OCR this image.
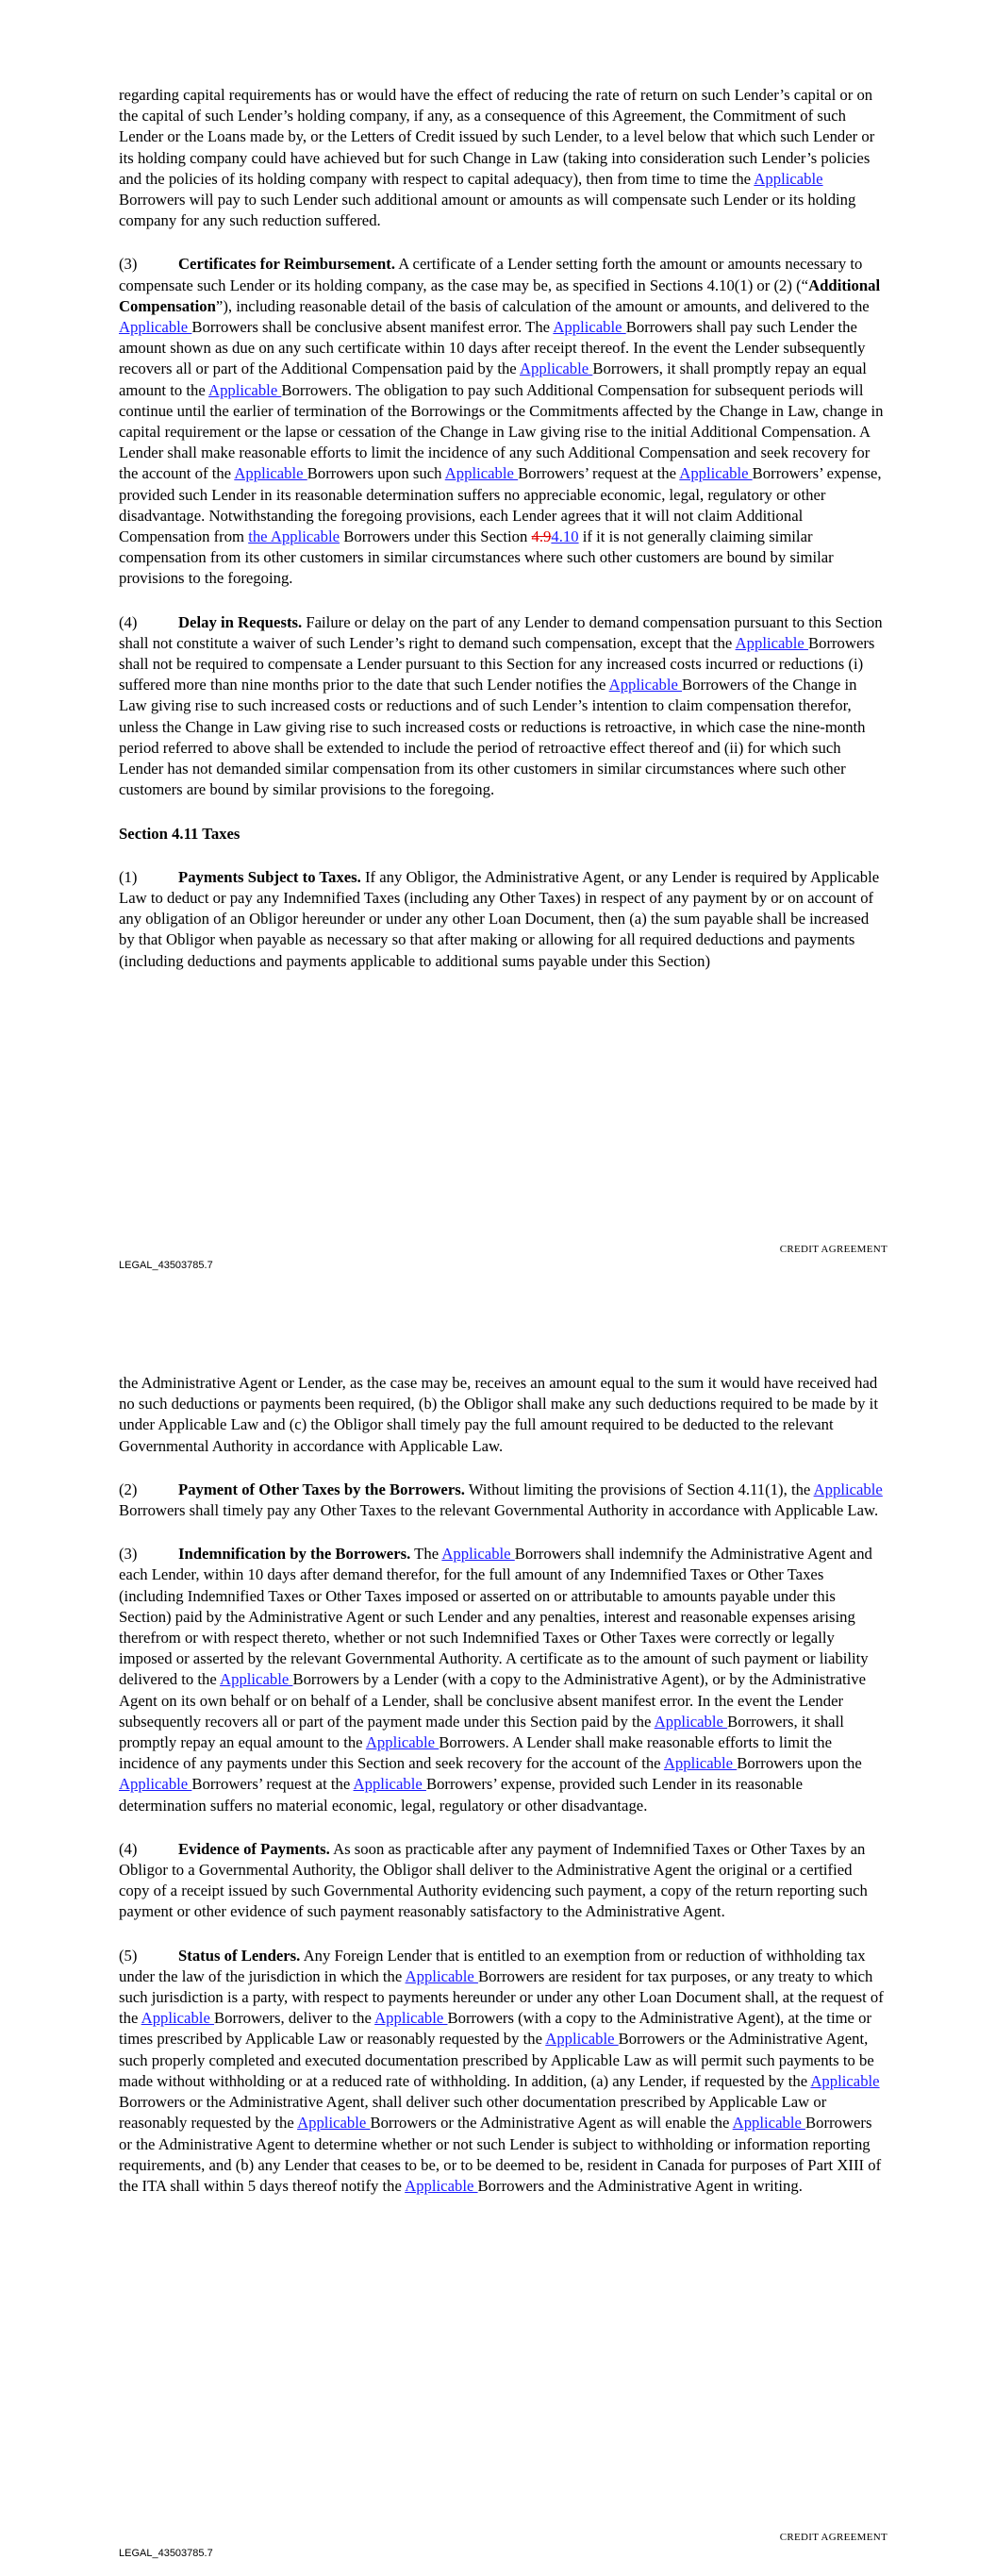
regarding capital requirements has or would have the effect of reducing the rate of return on such Lender’s capital or on the capital of such Lender’s holding company, if any, as a consequence of this Agreement, the Commitment of such Lender or the Loans made by, or the Letters of Credit issued by such Lender, to a level below that which such Lender or its holding company could have achieved but for such Change in Law (taking into consideration such Lender’s policies and the policies of its holding company with respect to capital adequacy), then from time to time the Applicable Borrowers will pay to such Lender such additional amount or amounts as will compensate such Lender or its holding company for any such reduction suffered.

(3)	Certificates for Reimbursement. A certificate of a Lender setting forth the amount or amounts necessary to compensate such Lender or its holding company, as the case may be, as specified in Sections 4.10(1) or (2) (“Additional Compensation”), including reasonable detail of the basis of calculation of the amount or amounts, and delivered to the Applicable Borrowers shall be conclusive absent manifest error. The Applicable Borrowers shall pay such Lender the amount shown as due on any such certificate within 10 days after receipt thereof. In the event the Lender subsequently recovers all or part of the Additional Compensation paid by the Applicable Borrowers, it shall promptly repay an equal amount to the Applicable Borrowers. The obligation to pay such Additional Compensation for subsequent periods will continue until the earlier of termination of the Borrowings or the Commitments affected by the Change in Law, change in capital requirement or the lapse or cessation of the Change in Law giving rise to the initial Additional Compensation. A Lender shall make reasonable efforts to limit the incidence of any such Additional Compensation and seek recovery for the account of the Applicable Borrowers upon such Applicable Borrowers’ request at the Applicable Borrowers’ expense, provided such Lender in its reasonable determination suffers no appreciable economic, legal, regulatory or other disadvantage. Notwithstanding the foregoing provisions, each Lender agrees that it will not claim Additional Compensation from the Applicable Borrowers under this Section 4.94.10 if it is not generally claiming similar compensation from its other customers in similar circumstances where such other customers are bound by similar provisions to the foregoing.

(4)	Delay in Requests. Failure or delay on the part of any Lender to demand compensation pursuant to this Section shall not constitute a waiver of such Lender’s right to demand such compensation, except that the Applicable Borrowers shall not be required to compensate a Lender pursuant to this Section for any increased costs incurred or reductions (i) suffered more than nine months prior to the date that such Lender notifies the Applicable Borrowers of the Change in Law giving rise to such increased costs or reductions and of such Lender’s intention to claim compensation therefor, unless the Change in Law giving rise to such increased costs or reductions is retroactive, in which case the nine-month period referred to above shall be extended to include the period of retroactive effect thereof and (ii) for which such Lender has not demanded similar compensation from its other customers in similar circumstances where such other customers are bound by similar provisions to the foregoing.

Section 4.11 Taxes

(1)	Payments Subject to Taxes. If any Obligor, the Administrative Agent, or any Lender is required by Applicable Law to deduct or pay any Indemnified Taxes (including any Other Taxes) in respect of any payment by or on account of any obligation of an Obligor hereunder or under any other Loan Document, then (a) the sum payable shall be increased by that Obligor when payable as necessary so that after making or allowing for all required deductions and payments (including deductions and payments applicable to additional sums payable under this Section)

CREDIT AGREEMENT
LEGAL_43503785.7

the Administrative Agent or Lender, as the case may be, receives an amount equal to the sum it would have received had no such deductions or payments been required, (b) the Obligor shall make any such deductions required to be made by it under Applicable Law and (c) the Obligor shall timely pay the full amount required to be deducted to the relevant Governmental Authority in accordance with Applicable Law.

(2)	Payment of Other Taxes by the Borrowers. Without limiting the provisions of Section 4.11(1), the Applicable Borrowers shall timely pay any Other Taxes to the relevant Governmental Authority in accordance with Applicable Law.

(3)	Indemnification by the Borrowers. The Applicable Borrowers shall indemnify the Administrative Agent and each Lender, within 10 days after demand therefor, for the full amount of any Indemnified Taxes or Other Taxes (including Indemnified Taxes or Other Taxes imposed or asserted on or attributable to amounts payable under this Section) paid by the Administrative Agent or such Lender and any penalties, interest and reasonable expenses arising therefrom or with respect thereto, whether or not such Indemnified Taxes or Other Taxes were correctly or legally imposed or asserted by the relevant Governmental Authority. A certificate as to the amount of such payment or liability delivered to the Applicable Borrowers by a Lender (with a copy to the Administrative Agent), or by the Administrative Agent on its own behalf or on behalf of a Lender, shall be conclusive absent manifest error. In the event the Lender subsequently recovers all or part of the payment made under this Section paid by the Applicable Borrowers, it shall promptly repay an equal amount to the Applicable Borrowers. A Lender shall make reasonable efforts to limit the incidence of any payments under this Section and seek recovery for the account of the Applicable Borrowers upon the Applicable Borrowers’ request at the Applicable Borrowers’ expense, provided such Lender in its reasonable determination suffers no material economic, legal, regulatory or other disadvantage.

(4)	Evidence of Payments. As soon as practicable after any payment of Indemnified Taxes or Other Taxes by an Obligor to a Governmental Authority, the Obligor shall deliver to the Administrative Agent the original or a certified copy of a receipt issued by such Governmental Authority evidencing such payment, a copy of the return reporting such payment or other evidence of such payment reasonably satisfactory to the Administrative Agent.

(5)	Status of Lenders. Any Foreign Lender that is entitled to an exemption from or reduction of withholding tax under the law of the jurisdiction in which the Applicable Borrowers are resident for tax purposes, or any treaty to which such jurisdiction is a party, with respect to payments hereunder or under any other Loan Document shall, at the request of the Applicable Borrowers, deliver to the Applicable Borrowers (with a copy to the Administrative Agent), at the time or times prescribed by Applicable Law or reasonably requested by the Applicable Borrowers or the Administrative Agent, such properly completed and executed documentation prescribed by Applicable Law as will permit such payments to be made without withholding or at a reduced rate of withholding. In addition, (a) any Lender, if requested by the Applicable Borrowers or the Administrative Agent, shall deliver such other documentation prescribed by Applicable Law or reasonably requested by the Applicable Borrowers or the Administrative Agent as will enable the Applicable Borrowers or the Administrative Agent to determine whether or not such Lender is subject to withholding or information reporting requirements, and (b) any Lender that ceases to be, or to be deemed to be, resident in Canada for purposes of Part XIII of the ITA shall within 5 days thereof notify the Applicable Borrowers and the Administrative Agent in writing.

CREDIT AGREEMENT
LEGAL_43503785.7
